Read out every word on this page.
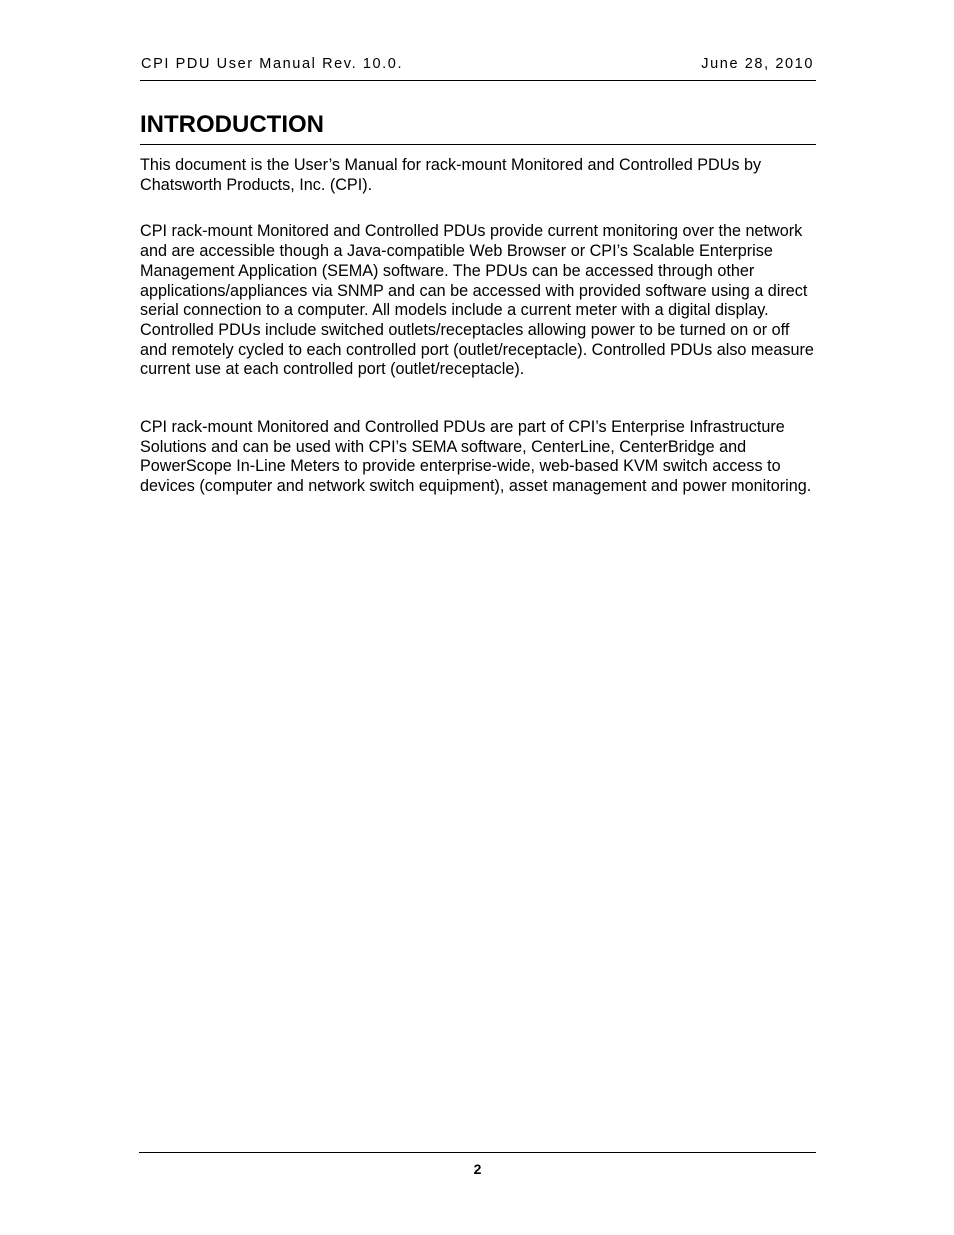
CPI PDU User Manual Rev. 10.0.	June 28, 2010
INTRODUCTION

This document is the User’s Manual for rack-mount Monitored and Controlled PDUs by Chatsworth Products, Inc. (CPI).

CPI rack-mount Monitored and Controlled PDUs provide current monitoring over the network and are accessible though a Java-compatible Web Browser or CPI’s Scalable Enterprise Management Application (SEMA) software. The PDUs can be accessed through other applications/appliances via SNMP and can be accessed with provided software using a direct serial connection to a computer. All models include a current meter with a digital display. Controlled PDUs include switched outlets/receptacles allowing power to be turned on or off and remotely cycled to each controlled port (outlet/receptacle). Controlled PDUs also measure current use at each controlled port (outlet/receptacle).

CPI rack-mount Monitored and Controlled PDUs are part of CPI’s Enterprise Infrastructure Solutions and can be used with CPI’s SEMA software, CenterLine, CenterBridge and PowerScope In-Line Meters to provide enterprise-wide, web-based KVM switch access to devices (computer and network switch equipment), asset management and power monitoring.

2
